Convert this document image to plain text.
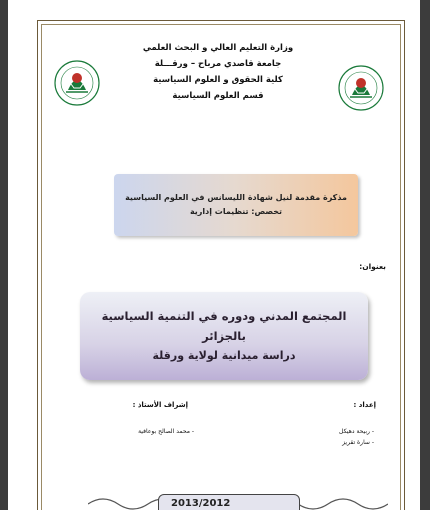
وزارة التعليم العالي و البحث العلمي
جامعة قاصدي مرباح – ورقـــلة
كلية الحقوق و العلوم السياسية
قسم العلوم السياسية
مذكرة مقدمة لنيل شهادة الليسانس في العلوم السياسية
تخصص: تنظيمات إدارية
بعنوان:
المجتمع المدني ودوره في التنمية السياسية بالجزائر
دراسة ميدانية لولاية ورقلة
إعداد :
إشراف الأستاذ :
- ربيحة دهيكل
- سارة تقريز
- محمد الصالح بوعافية
2013/2012
